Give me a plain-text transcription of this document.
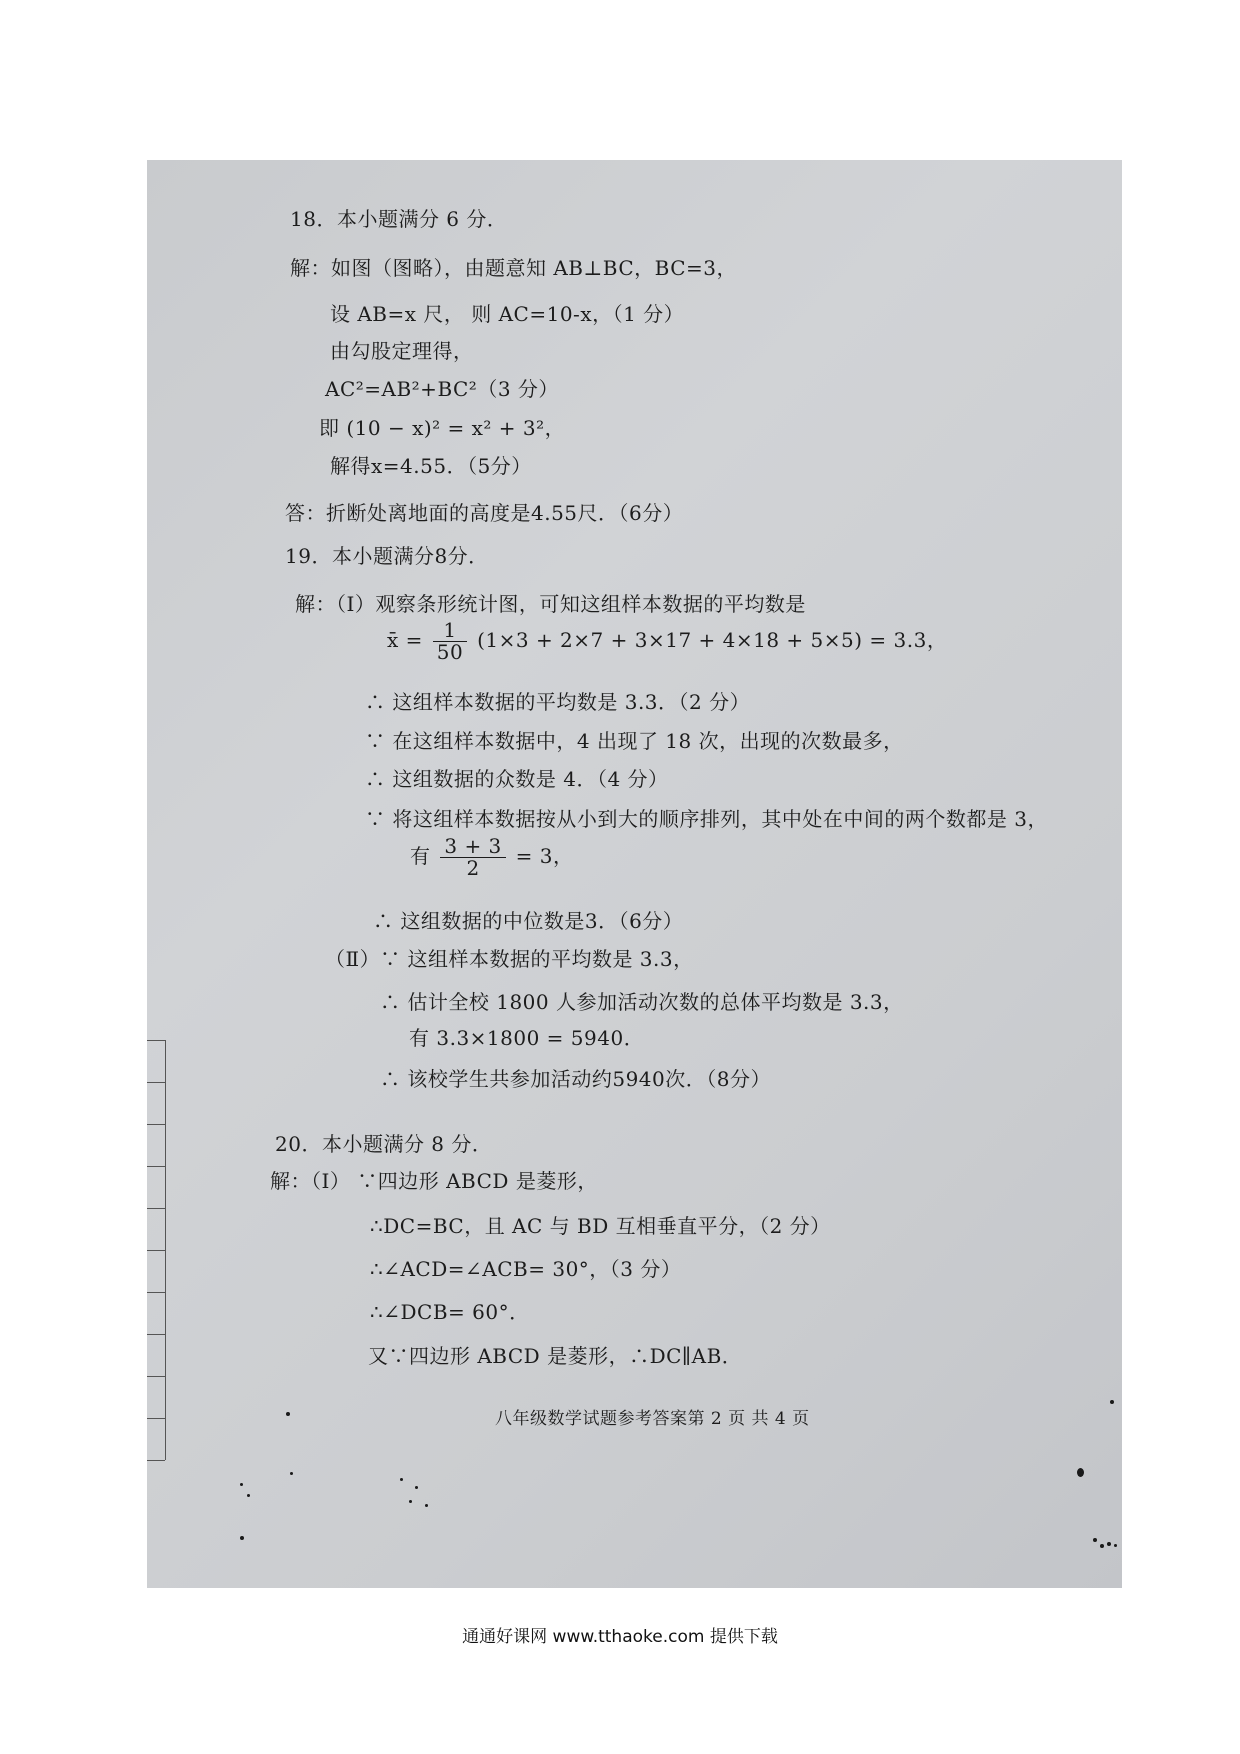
18．本小题满分 6 分．
解：如图（图略），由题意知 AB⊥BC，BC=3，
设 AB=x 尺， 则 AC=10-x，（1 分）
由勾股定理得，
AC²=AB²+BC²（3 分）
即 (10 − x)² = x² + 3²，
解得x=4.55．（5分）
答：折断处离地面的高度是4.55尺．（6分）
19．本小题满分8分．
解：（Ⅰ）观察条形统计图，可知这组样本数据的平均数是
x̄ = $\frac{1}{50} (1\times 3 + 2\times 7 + 3\times 17 + 4\times 18 + 5\times 5) = 3.3$，
∴ 这组样本数据的平均数是 3.3．（2 分）
∵ 在这组样本数据中，4 出现了 18 次，出现的次数最多，
∴ 这组数据的众数是 4．（4 分）
∵ 将这组样本数据按从小到大的顺序排列，其中处在中间的两个数都是 3，
有 $\frac{3 + 3}{2} = 3$，
∴ 这组数据的中位数是3．（6分）
（Ⅱ）∵ 这组样本数据的平均数是 3.3，
∴ 估计全校 1800 人参加活动次数的总体平均数是 3.3，
有 3.3×1800 = 5940．
∴ 该校学生共参加活动约5940次．（8分）
20．本小题满分 8 分．
解：（Ⅰ） ∵四边形 ABCD 是菱形，
∴DC=BC，且 AC 与 BD 互相垂直平分，（2 分）
∴∠ACD=∠ACB= 30°，（3 分）
∴∠DCB= 60°．
又∵四边形 ABCD 是菱形，∴DC∥AB．
八年级数学试题参考答案第 2 页 共 4 页
通通好课网 www.tthaoke.com 提供下载
